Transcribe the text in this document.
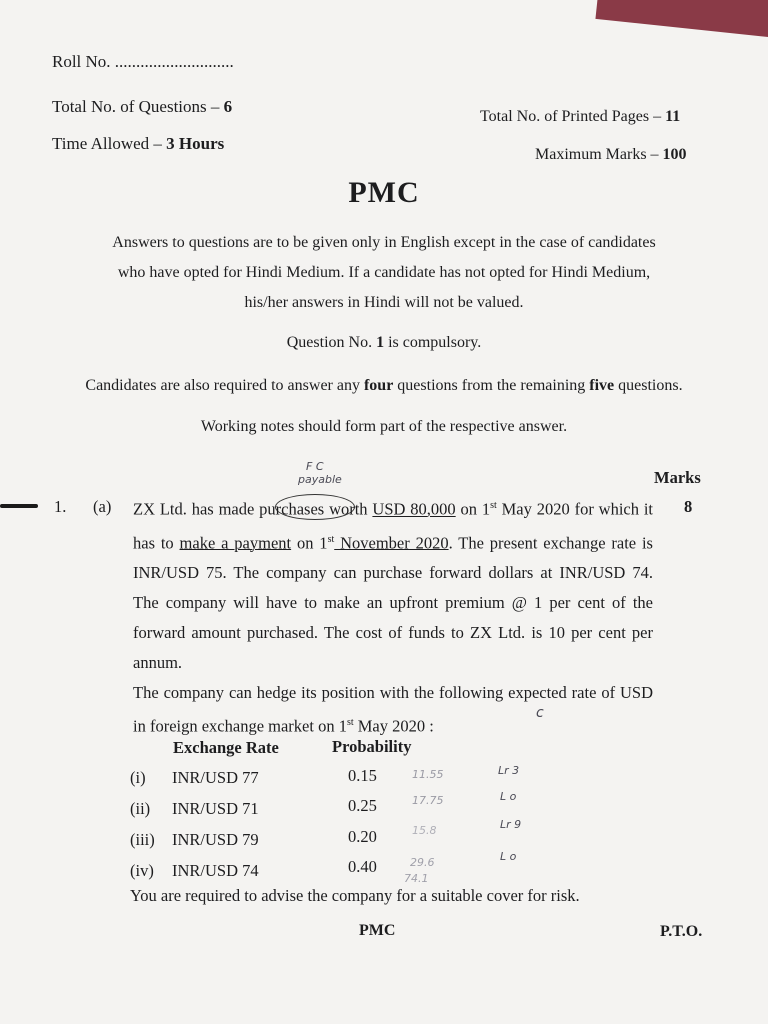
Roll No. ............................
Total No. of Questions – 6
Total No. of Printed Pages – 11
Time Allowed – 3 Hours
Maximum Marks – 100
PMC
Answers to questions are to be given only in English except in the case of candidates
who have opted for Hindi Medium. If a candidate has not opted for Hindi Medium,
his/her answers in Hindi will not be valued.
Question No. 1 is compulsory.
Candidates are also required to answer any four questions from the remaining five questions.
Working notes should form part of the respective answer.
F C
payable	Marks
1. (a)	8

ZX Ltd. has made purchases worth USD 80,000 on 1st May 2020 for which it has to make a payment on 1st November 2020. The present exchange rate is INR/USD 75. The company can purchase forward dollars at INR/USD 74. The company will have to make an upfront premium @ 1 per cent of the forward amount purchased. The cost of funds to ZX Ltd. is 10 per cent per annum.

The company can hedge its position with the following expected rate of USD in foreign exchange market on 1st May 2020 :

c
Exchange Rate	Probability
(i) INR/USD 77	0.15
(ii) INR/USD 71	0.25
(iii) INR/USD 79	0.20
(iv) INR/USD 74	0.40
11.55
17.75
15.8
29.6
74.1
Lr 3
L o
Lr 9
L o
You are required to advise the company for a suitable cover for risk.
PMC	P.T.O.
